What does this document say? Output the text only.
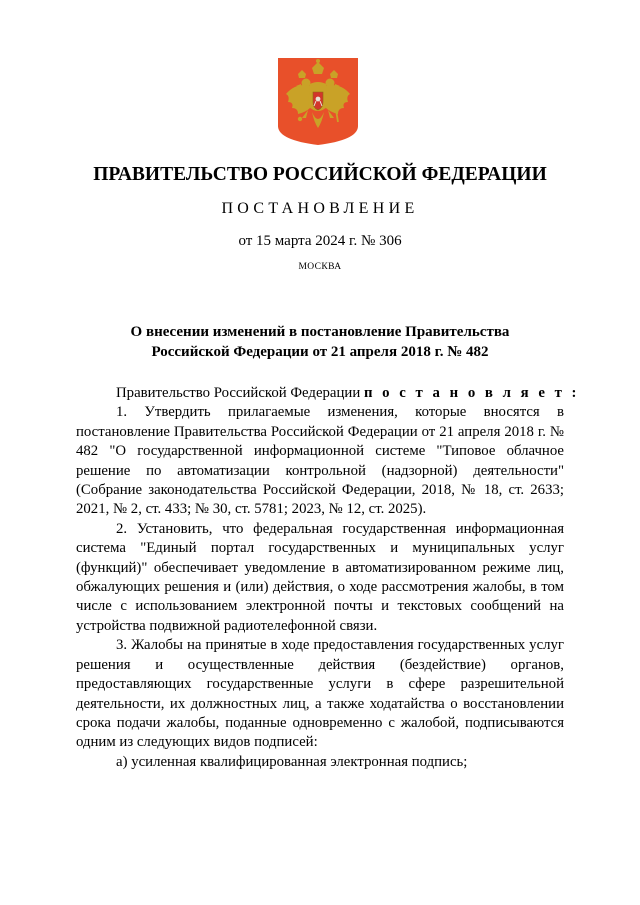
ПРАВИТЕЛЬСТВО РОССИЙСКОЙ ФЕДЕРАЦИИ
ПОСТАНОВЛЕНИЕ
от 15 марта 2024 г. № 306
МОСКВА
О внесении изменений в постановление Правительства
Российской Федерации от 21 апреля 2018 г. № 482

Правительство Российской Федерации п о с т а н о в л я е т :

1. Утвердить прилагаемые изменения, которые вносятся в постановление Правительства Российской Федерации от 21 апреля 2018 г. № 482 "О государственной информационной системе "Типовое облачное решение по автоматизации контрольной (надзорной) деятельности" (Собрание законодательства Российской Федерации, 2018, № 18, ст. 2633; 2021, № 2, ст. 433; № 30, ст. 5781; 2023, № 12, ст. 2025).

2. Установить, что федеральная государственная информационная система "Единый портал государственных и муниципальных услуг (функций)" обеспечивает уведомление в автоматизированном режиме лиц, обжалующих решения и (или) действия, о ходе рассмотрения жалобы, в том числе с использованием электронной почты и текстовых сообщений на устройства подвижной радиотелефонной связи.

3. Жалобы на принятые в ходе предоставления государственных услуг решения и осуществленные действия (бездействие) органов, предоставляющих государственные услуги в сфере разрешительной деятельности, их должностных лиц, а также ходатайства о восстановлении срока подачи жалобы, поданные одновременно с жалобой, подписываются одним из следующих видов подписей:

а) усиленная квалифицированная электронная подпись;
